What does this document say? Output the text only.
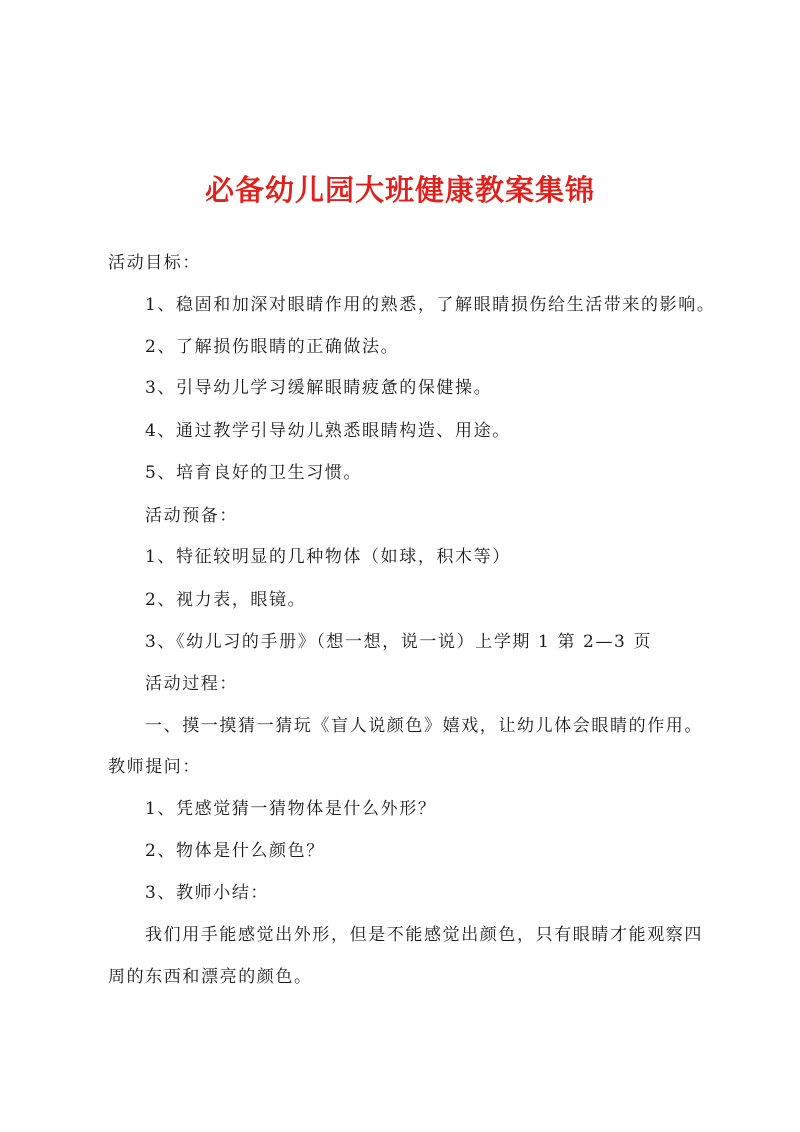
必备幼儿园大班健康教案集锦
活动目标：
1、稳固和加深对眼睛作用的熟悉，了解眼睛损伤给生活带来的影响。
2、了解损伤眼睛的正确做法。
3、引导幼儿学习缓解眼睛疲惫的保健操。
4、通过教学引导幼儿熟悉眼睛构造、用途。
5、培育良好的卫生习惯。
活动预备：
1、特征较明显的几种物体（如球，积木等）
2、视力表，眼镜。
3、《幼儿习的手册》（想一想，说一说）上学期 1 第 2—3 页
活动过程：
一、摸一摸猜一猜玩《盲人说颜色》嬉戏，让幼儿体会眼睛的作用。
教师提问：
1、凭感觉猜一猜物体是什么外形？
2、物体是什么颜色？
3、教师小结：
我们用手能感觉出外形，但是不能感觉出颜色，只有眼睛才能观察四
周的东西和漂亮的颜色。
